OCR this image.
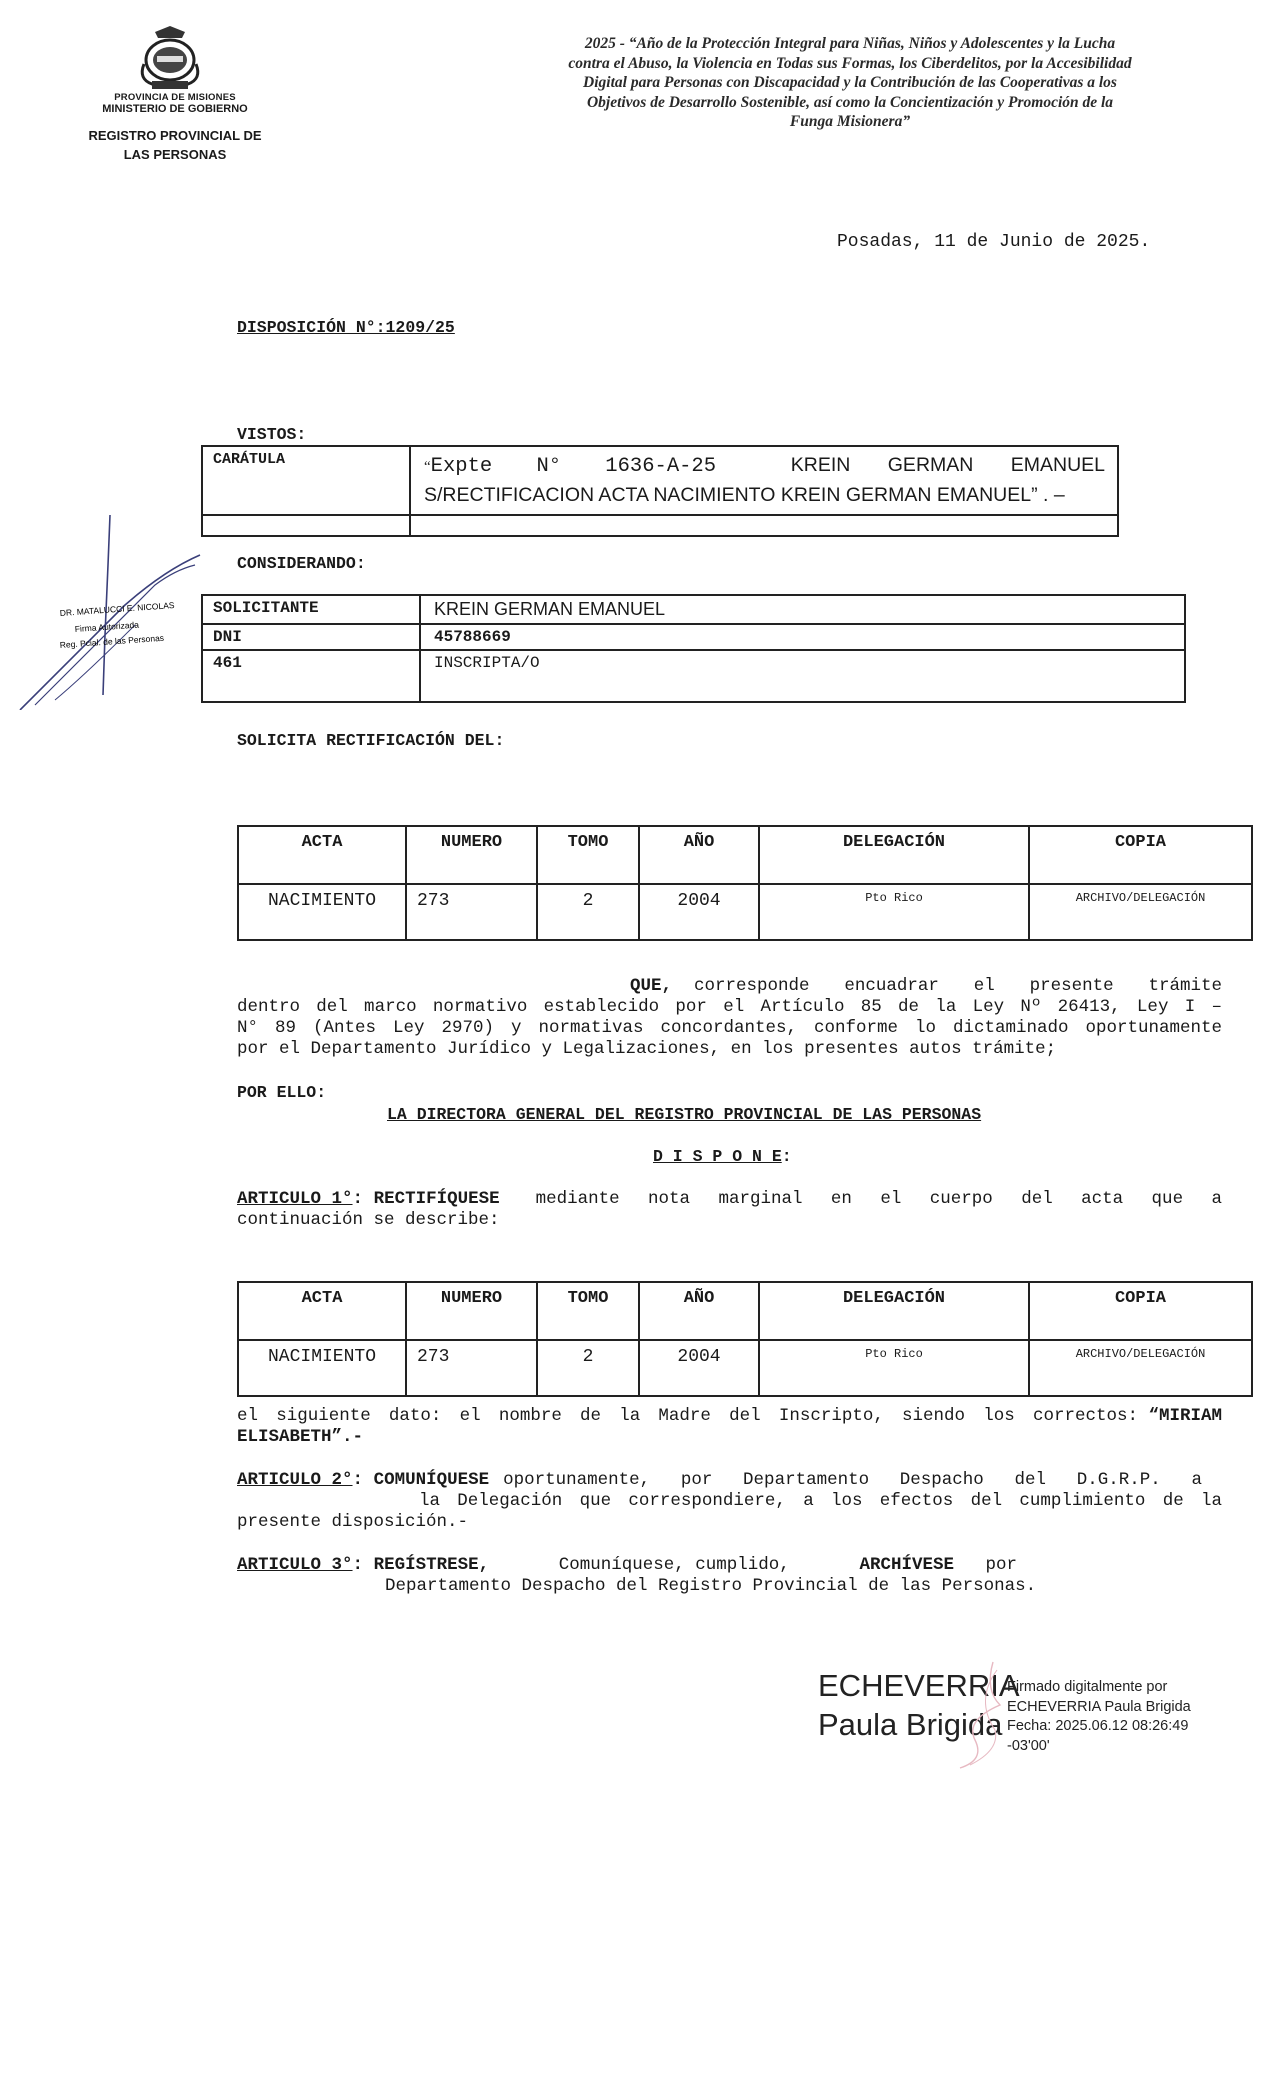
PROVINCIA DE MISIONES
MINISTERIO DE GOBIERNO
REGISTRO PROVINCIAL DE
LAS PERSONAS
2025 - “Año de la Protección Integral para Niñas, Niños y Adolescentes y la Lucha
contra el Abuso, la Violencia en Todas sus Formas, los Ciberdelitos, por la Accesibilidad
Digital para Personas con Discapacidad y la Contribución de las Cooperativas a los
Objetivos de Desarrollo Sostenible, así como la Concientización y Promoción de la
Funga Misionera”
Posadas, 11 de Junio de 2025.
DISPOSICIÓN N°:1209/25
VISTOS:
CARÁTULA	“Expte N° 1636-A-25 KREIN GERMAN EMANUEL
S/RECTIFICACION ACTA NACIMIENTO KREIN GERMAN EMANUEL” . –

CONSIDERANDO:
DR. MATALUCCI E. NICOLAS
Firma Autorizada
Reg. Pcial. de las Personas
SOLICITANTE	KREIN GERMAN EMANUEL
DNI	45788669
461	INSCRIPTA/O
SOLICITA RECTIFICACIÓN DEL:
ACTA	NUMERO	TOMO	AÑO	DELEGACIÓN	COPIA
NACIMIENTO	273	2	2004	Pto Rico	ARCHIVO/DELEGACIÓN
QUE,	corresponde encuadrar el presente trámite
dentro del marco normativo establecido por el Artículo 85 de la Ley Nº 26413, Ley I –
N° 89 (Antes Ley 2970) y normativas concordantes, conforme lo dictaminado oportunamente
por el Departamento Jurídico y Legalizaciones, en los presentes autos trámite;
POR ELLO:
LA DIRECTORA GENERAL DEL REGISTRO PROVINCIAL DE LAS PERSONAS
D I S P O N E:
ARTICULO 1° :
RECTIFÍQUESE	mediante nota marginal en el cuerpo del acta que a
continuación se describe:
ACTA	NUMERO	TOMO	AÑO	DELEGACIÓN	COPIA
NACIMIENTO	273	2	2004	Pto Rico	ARCHIVO/DELEGACIÓN
el siguiente dato: el nombre de la Madre del Inscripto, siendo los correctos:
“MIRIAM
ELISABETH”.-
ARTICULO 2° :
COMUNÍQUESE oportunamente, por Departamento Despacho del D.G.R.P. a
la Delegación que correspondiere, a los efectos del cumplimiento de la
presente disposición.-
ARTICULO 3° :
REGÍSTRESE,	Comuníquese, cumplido,	ARCHÍVESE
por
Departamento Despacho del Registro Provincial de las Personas.
ECHEVERRIA
Paula Brigida
Firmado digitalmente por
ECHEVERRIA Paula Brigida
Fecha: 2025.06.12 08:26:49
-03'00'
